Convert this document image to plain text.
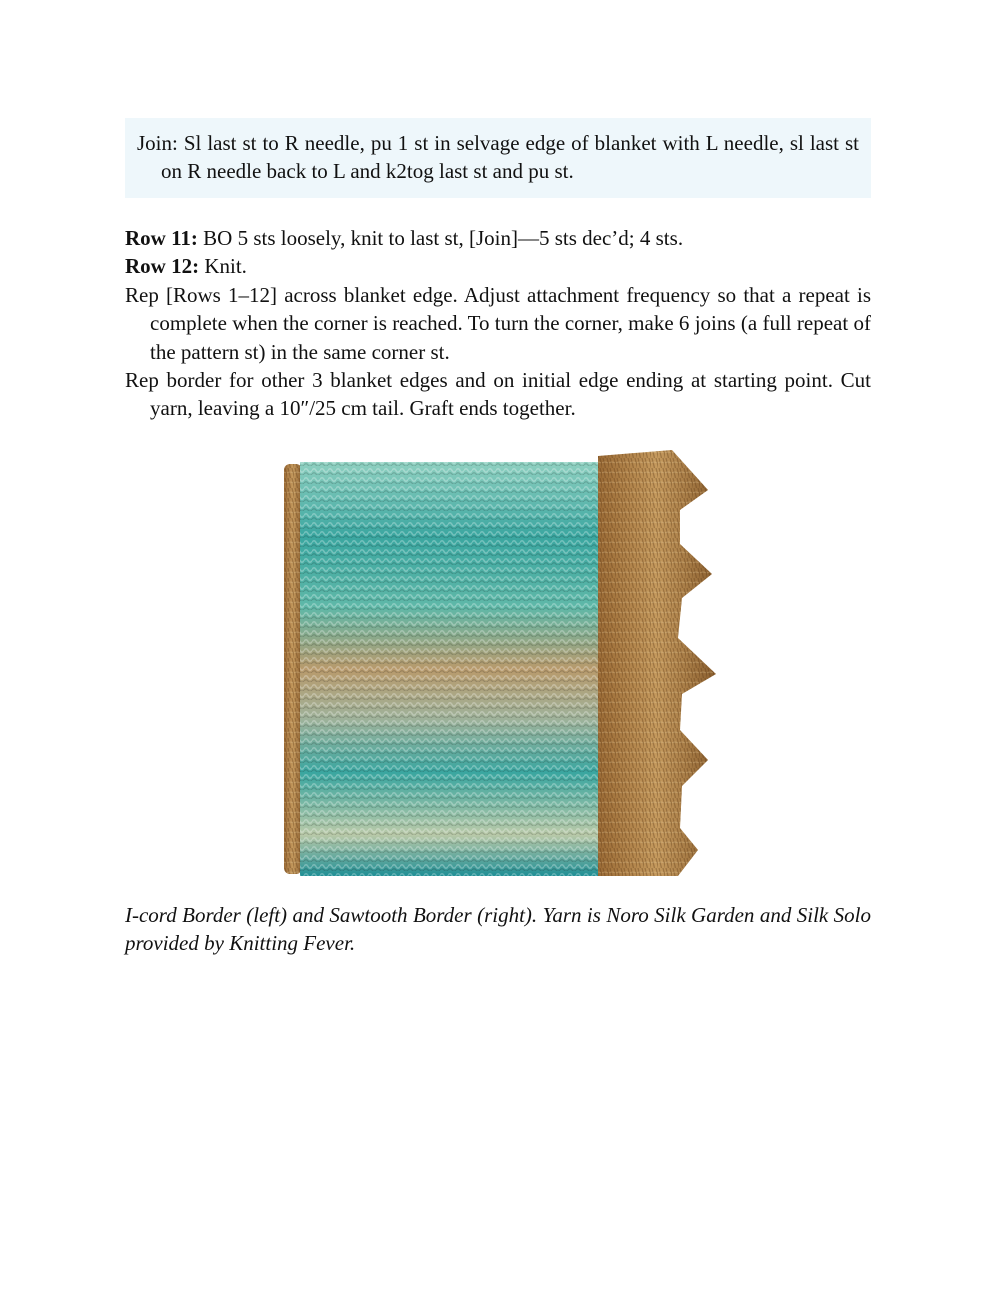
Join: Sl last st to R needle, pu 1 st in selvage edge of blanket with L needle, sl last st on R needle back to L and k2tog last st and pu st.

Row 11: BO 5 sts loosely, knit to last st, [Join]—5 sts dec’d; 4 sts.

Row 12: Knit.

Rep [Rows 1–12] across blanket edge. Adjust attachment frequency so that a repeat is complete when the corner is reached. To turn the corner, make 6 joins (a full repeat of the pattern st) in the same corner st.

Rep border for other 3 blanket edges and on initial edge ending at starting point. Cut yarn, leaving a 10″/25 cm tail. Graft ends together.

I-cord Border (left) and Sawtooth Border (right). Yarn is Noro Silk Garden and Silk Solo provided by Knitting Fever.
